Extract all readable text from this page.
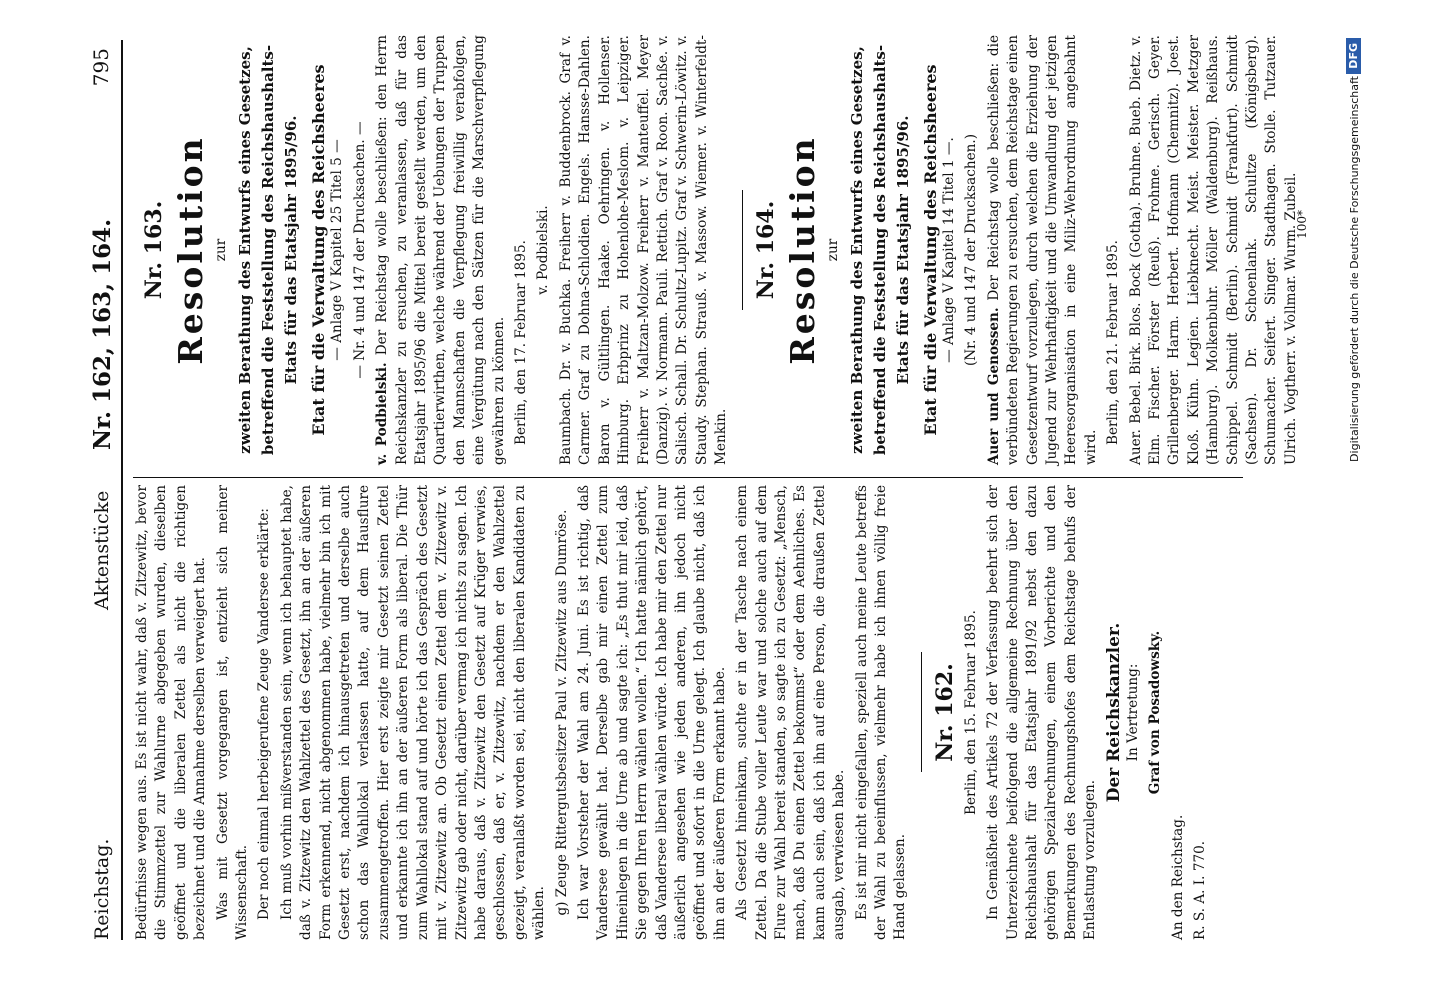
Reichstag.
Aktenstücke
Nr. 162, 163, 164.
795

Bedürfnisse wegen aus. Es ist nicht wahr, daß v. Zitzewitz, bevor die Stimmzettel zur Wahlurne abgegeben wurden, dieselben geöffnet und die liberalen Zettel als nicht die richtigen bezeichnet und die Annahme derselben verweigert hat. Was mit Gesetzt vorgegangen ist, entzieht sich meiner Wissenschaft. Der noch einmal herbeigerufene Zeuge Vandersee erklärte: Ich muß vorhin mißverstanden sein, wenn ich behauptet habe, daß v. Zitzewitz den Wahlzettel des Gesetzt, ihn an der äußeren Form erkennend, nicht abgenommen habe, vielmehr bin ich mit Gesetzt erst, nachdem ich hinausgetreten und derselbe auch schon das Wahllokal verlassen hatte, auf dem Hausflure zusammengetroffen. Hier erst zeigte mir Gesetzt seinen Zettel und erkannte ich ihn an der äußeren Form als liberal. Die Thür zum Wahllokal stand auf und hörte ich das Gespräch des Gesetzt mit v. Zitzewitz an. Ob Gesetzt einen Zettel dem v. Zitzewitz v. Zitzewitz gab oder nicht, darüber vermag ich nichts zu sagen. Ich habe daraus, daß v. Zitzewitz den Gesetzt auf Krüger verwies, geschlossen, daß er, v. Zitzewitz, nachdem er den Wahlzettel gezeigt, veranlaßt worden sei, nicht den liberalen Kandidaten zu wählen. g) Zeuge Rittergutsbesitzer Paul v. Zitzewitz aus Dumröse. Ich war Vorsteher der Wahl am 24. Juni. Es ist richtig, daß Vandersee gewählt hat. Derselbe gab mir einen Zettel zum Hineinlegen in die Urne ab und sagte ich: „Es thut mir leid, daß Sie gegen Ihren Herrn wählen wollen.“ Ich hatte nämlich gehört, daß Vandersee liberal wählen würde. Ich habe mir den Zettel nur äußerlich angesehen wie jeden anderen, ihn jedoch nicht geöffnet und sofort in die Urne gelegt. Ich glaube nicht, daß ich ihn an der äußeren Form erkannt habe. Als Gesetzt hineinkam, suchte er in der Tasche nach einem Zettel. Da die Stube voller Leute war und solche auch auf dem Flure zur Wahl bereit standen, so sagte ich zu Gesetzt: „Mensch, mach, daß Du einen Zettel bekommst“ oder dem Aehnliches. Es kann auch sein, daß ich ihn auf eine Person, die draußen Zettel ausgab, verwiesen habe. Es ist mir nicht eingefallen, speziell auch meine Leute betreffs der Wahl zu beeinflussen, vielmehr habe ich ihnen völlig freie Hand gelassen.

Nr. 162. Berlin, den 15. Februar 1895. In Gemäßheit des Artikels 72 der Verfassung beehrt sich der Unterzeichnete beifolgend die allgemeine Rechnung über den Reichshaushalt für das Etatsjahr 1891/92 nebst den dazu gehörigen Spezialrechnungen, einem Vorberichte und den Bemerkungen des Rechnungshofes dem Reichstage behufs der Entlastung vorzulegen.

Der Reichskanzler. In Vertretung: Graf von Posadowsky.

An den Reichstag. R. S. A. I. 770.

Nr. 163. Resolution zur zweiten Berathung des Entwurfs eines Gesetzes, betreffend die Feststellung des Reichshaushalts-Etats für das Etatsjahr 1895/96. Etat für die Verwaltung des Reichsheeres — Anlage V Kapitel 25 Titel 5 — — Nr. 4 und 147 der Drucksachen. —

v. Podbielski. Der Reichstag wolle beschließen: den Herrn Reichskanzler zu ersuchen, zu veranlassen, daß für das Etatsjahr 1895/96 die Mittel bereit gestellt werden, um den Quartierwirthen, welche während der Uebungen der Truppen den Mannschaften die Verpflegung freiwillig verabfolgen, eine Vergütung nach den Sätzen für die Marschverpflegung gewähren zu können. Berlin, den 17. Februar 1895. v. Podbielski. Baumbach. Dr. v. Buchka. Freiherr v. Buddenbrock. Graf v. Carmer. Graf zu Dohna-Schlodien. Engels. Hansse-Dahlen. Baron v. Gültlingen. Haake. Oehringen. v. Hollenser. Himburg. Erbprinz zu Hohenlohe-Meslom. v. Leipziger. Freiherr v. Maltzan-Molzow. Freiherr v. Manteuffel. Meyer (Danzig). v. Normann. Pauli. Rettich. Graf v. Roon. Sachße. v. Salisch. Schall. Dr. Schultz-Lupitz. Graf v. Schwerin-Löwitz. v. Staudy. Stephan. Strauß. v. Massow. Wiemer. v. Winterfeldt-Menkin.

Nr. 164. Resolution zur zweiten Berathung des Entwurfs eines Gesetzes, betreffend die Feststellung des Reichshaushalts-Etats für das Etatsjahr 1895/96. Etat für die Verwaltung des Reichsheeres — Anlage V Kapitel 14 Titel 1 —. (Nr. 4 und 147 der Drucksachen.)

Auer und Genossen. Der Reichstag wolle beschließen: die verbündeten Regierungen zu ersuchen, dem Reichstage einen Gesetzentwurf vorzulegen, durch welchen die Erziehung der Jugend zur Wehrhaftigkeit und die Umwandlung der jetzigen Heeresorganisation in eine Miliz-Wehrordnung angebahnt wird.

Berlin, den 21. Februar 1895. Auer. Bebel. Birk. Blos. Bock (Gotha). Bruhne. Bueb. Dietz. v. Elm. Fischer. Förster (Reuß). Frohme. Gerisch. Geyer. Grillenberger. Harm. Herbert. Hofmann (Chemnitz). Joest. Kloß. Kühn. Legien. Liebknecht. Meist. Meister. Metzger (Hamburg). Molkenbuhr. Möller (Waldenburg). Reißhaus. Schippel. Schmidt (Berlin). Schmidt (Frankfurt). Schmidt (Sachsen). Dr. Schoenlank. Schultze (Königsberg). Schumacher. Seifert. Singer. Stadthagen. Stolle. Tutzauer. Ulrich. Vogtherr. v. Vollmar. Wurm. Zubeil.

100*	Digitalisierung gefördert durch die Deutsche Forschungsgemeinschaft
DFG
